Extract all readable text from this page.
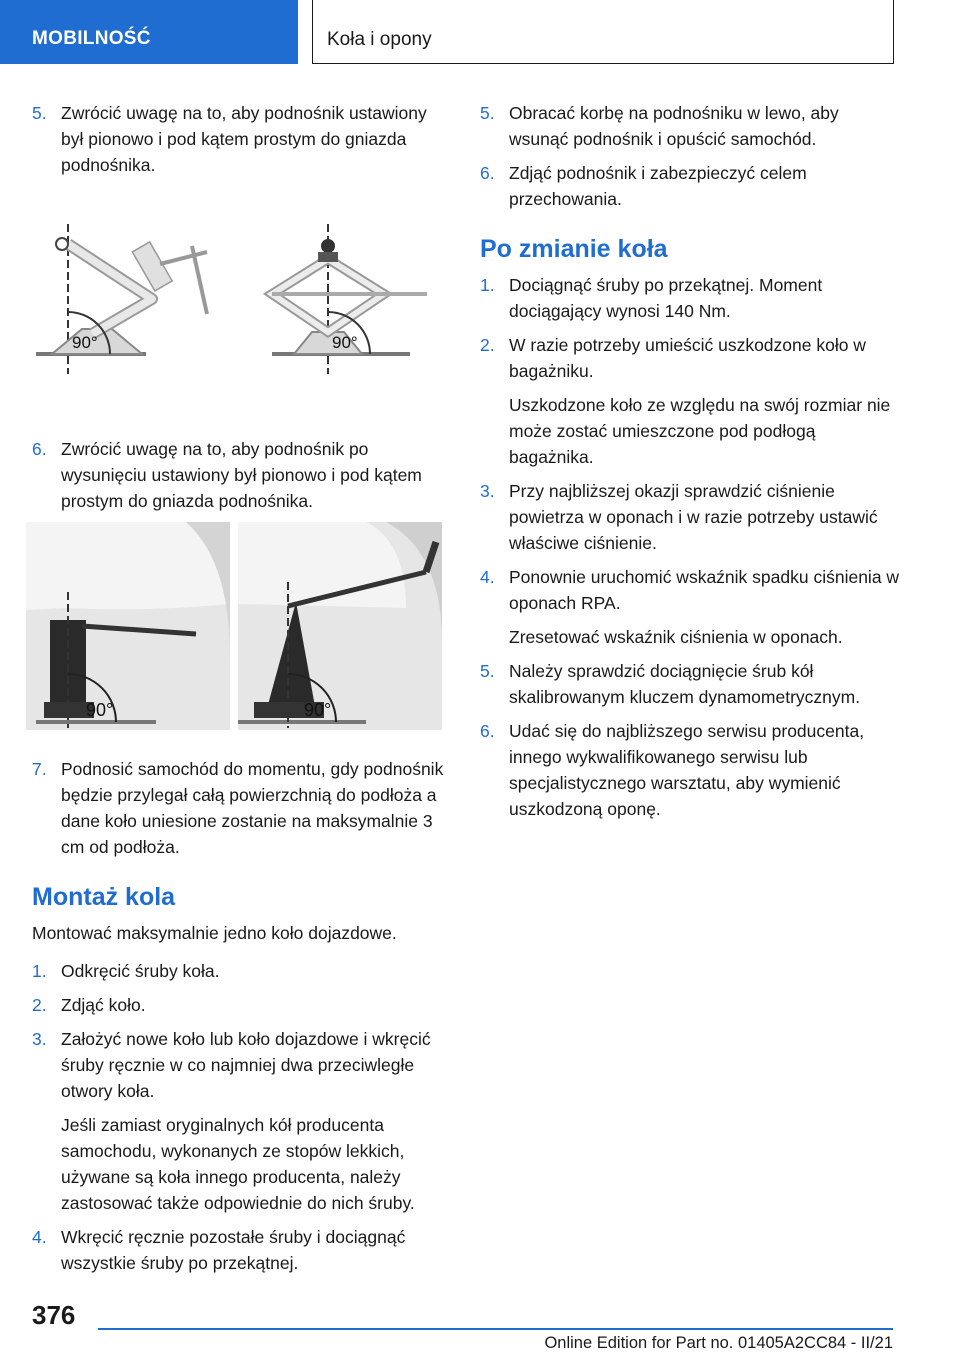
MOBILNOŚĆ	Koła i opony
5. Zwrócić uwagę na to, aby podnośnik ustawiony był pionowo i pod kątem prostym do gniazda podnośnika.
90°	90°
6. Zwrócić uwagę na to, aby podnośnik po wysunięciu ustawiony był pionowo i pod kątem prostym do gniazda podnośnika.
90°	90°
7. Podnosić samochód do momentu, gdy podnośnik będzie przylegał całą powierzchnią do podłoża a dane koło uniesione zostanie na maksymalnie 3 cm od podłoża.
Montaż kola
Montować maksymalnie jedno koło dojazdowe.
1. Odkręcić śruby koła.
2. Zdjąć koło.
3. Założyć nowe koło lub koło dojazdowe i wkręcić śruby ręcznie w co najmniej dwa przeciwległe otwory koła.
Jeśli zamiast oryginalnych kół producenta samochodu, wykonanych ze stopów lekkich, używane są koła innego producenta, należy zastosować także odpowiednie do nich śruby.
4. Wkręcić ręcznie pozostałe śruby i dociągnąć wszystkie śruby po przekątnej.
5. Obracać korbę na podnośniku w lewo, aby wsunąć podnośnik i opuścić samochód.
6. Zdjąć podnośnik i zabezpieczyć celem przechowania.
Po zmianie koła
1. Dociągnąć śruby po przekątnej. Moment dociągający wynosi 140 Nm.
2. W razie potrzeby umieścić uszkodzone koło w bagażniku.
Uszkodzone koło ze względu na swój rozmiar nie może zostać umieszczone pod podłogą bagażnika.
3. Przy najbliższej okazji sprawdzić ciśnienie powietrza w oponach i w razie potrzeby ustawić właściwe ciśnienie.
4. Ponownie uruchomić wskaźnik spadku ciśnienia w oponach RPA.
Zresetować wskaźnik ciśnienia w oponach.
5. Należy sprawdzić dociągnięcie śrub kół skalibrowanym kluczem dynamometrycznym.
6. Udać się do najbliższego serwisu producenta, innego wykwalifikowanego serwisu lub specjalistycznego warsztatu, aby wymienić uszkodzoną oponę.
376
Online Edition for Part no. 01405A2CC84 - II/21
